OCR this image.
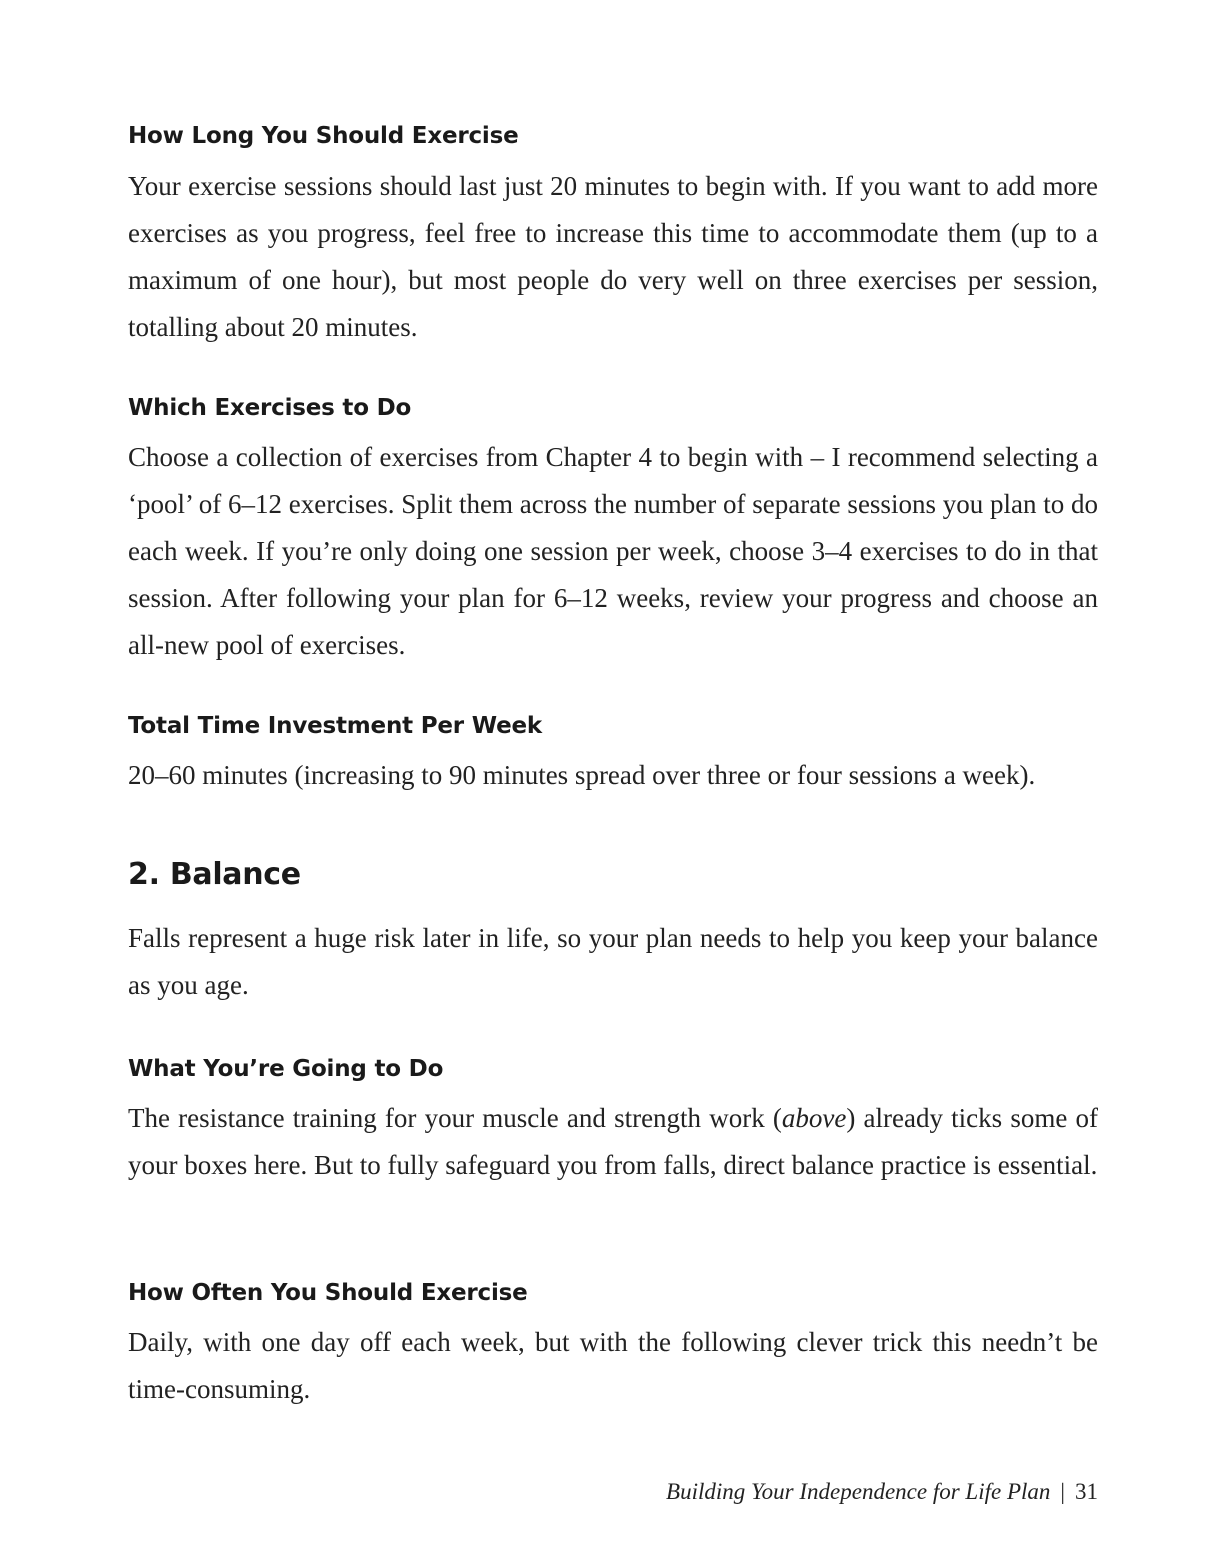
How Long You Should Exercise
Your exercise sessions should last just 20 minutes to begin with. If you want to add more exercises as you progress, feel free to increase this time to accommodate them (up to a maximum of one hour), but most people do very well on three exercises per session, totalling about 20 minutes.
Which Exercises to Do
Choose a collection of exercises from Chapter 4 to begin with – I recommend selecting a ‘pool’ of 6–12 exercises. Split them across the number of separate sessions you plan to do each week. If you’re only doing one session per week, choose 3–4 exercises to do in that session. After following your plan for 6–12 weeks, review your progress and choose an all-new pool of exercises.
Total Time Investment Per Week
20–60 minutes (increasing to 90 minutes spread over three or four sessions a week).
2. Balance
Falls represent a huge risk later in life, so your plan needs to help you keep your balance as you age.
What You’re Going to Do
The resistance training for your muscle and strength work (above) already ticks some of your boxes here. But to fully safeguard you from falls, direct balance practice is essential.
How Often You Should Exercise
Daily, with one day off each week, but with the following clever trick this needn’t be time-consuming.
Building Your Independence for Life Plan | 31
